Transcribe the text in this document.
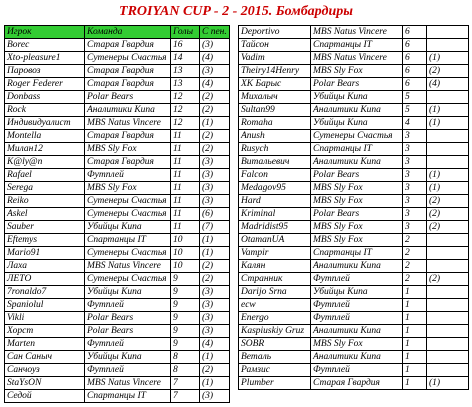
TROIYAN CUP - 2 - 2015. Бомбардиры
Игрок	Команда	Голы	С пен.
Borec	Старая Гвардия	16	(3)
Xto-pleasure1	Сутенеры Счастья	14	(4)
Паровоз	Старая Гвардия	13	(3)
Roger Federer	Старая Гвардия	13	(4)
Donbass	Polar Bears	12	(2)
Rock	Аналитики Кипа	12	(2)
Индивидуалист	MBS Natus Vincere	12	(1)
Montella	Старая Гвардия	11	(2)
Милан12	MBS Sly Fox	11	(2)
K@ly@n	Старая Гвардия	11	(3)
Rafael	Футплей	11	(3)
Serega	MBS Sly Fox	11	(3)
Reiko	Сутенеры Счастья	11	(3)
Askel	Сутенеры Счастья	11	(6)
Sauber	Убийцы Кипа	11	(7)
Eftemys	Спартанцы IT	10	(1)
Mario91	Сутенеры Счастья	10	(1)
Лаха	MBS Natus Vincere	10	(2)
ЛЕТО	Сутенеры Счастья	9	(2)
7ronaldo7	Убийцы Кипа	9	(3)
Spaniolul	Футплей	9	(3)
Vikli	Polar Bears	9	(3)
Хорст	Polar Bears	9	(3)
Marten	Футплей	9	(4)
Сан Саныч	Убийцы Кипа	8	(1)
Санчоуз	Футплей	8	(2)
StaYsON	MBS Natus Vincere	7	(1)
Седой	Спартанцы IT	7	(3)
Deportivo	MBS Natus Vincere	6	
Тайсон	Спартанцы IT	6	
Vadim	MBS Natus Vincere	6	(1)
Theiry14Henry	MBS Sly Fox	6	(2)
ХК Барыс	Polar Bears	6	(4)
Михалыч	Убийцы Кипа	5	
Sultan99	Аналитики Кипа	5	(1)
Romaha	Убийцы Кипа	4	(1)
Anush	Сутенеры Счастья	3	
Rusych	Спартанцы IT	3	
Витальевич	Аналитики Кипа	3	
Falcon	Polar Bears	3	(1)
Medagov95	MBS Sly Fox	3	(1)
Hard	MBS Sly Fox	3	(2)
Kriminal	Polar Bears	3	(2)
Madridist95	MBS Sly Fox	3	(2)
OtamanUA	MBS Sly Fox	2	
Vampir	Спартанцы IT	2	
Калян	Аналитики Кипа	2	
Странник	Футплей	2	(2)
Darijo Srna	Убийцы Кипа	1	
ecw	Футплей	1	
Energo	Футплей	1	
Kaspiuskiy Gruz	Аналитики Кипа	1	
SOBR	MBS Sly Fox	1	
Веталь	Аналитики Кипа	1	
Рамзис	Футплей	1	
Plumber	Старая Гвардия	1	(1)
